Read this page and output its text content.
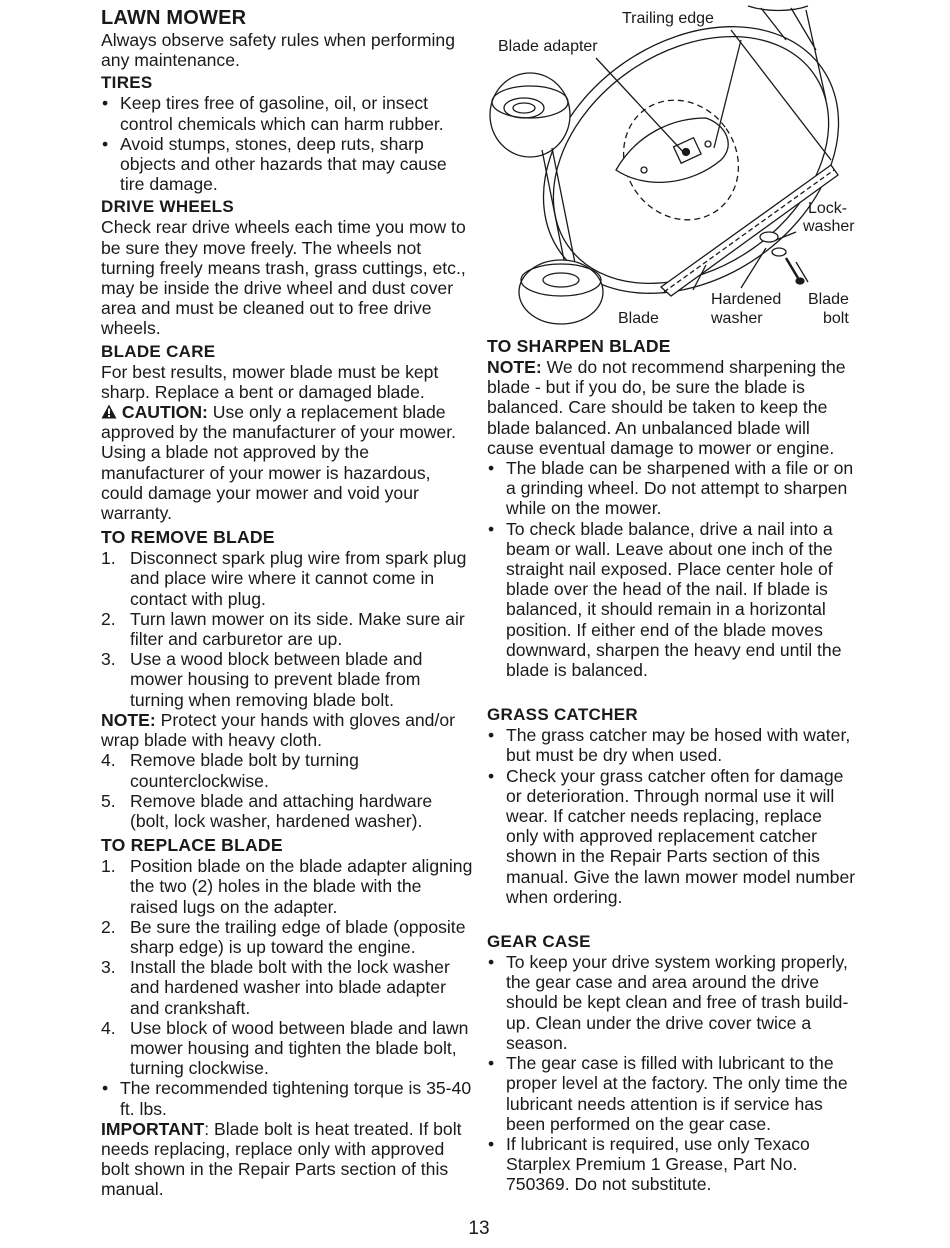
LAWN MOWER

Always observe safety rules when performing any maintenance.

TIRES
• Keep tires free of gasoline, oil, or insect control chemicals which can harm rubber.
• Avoid stumps, stones, deep ruts, sharp objects and other hazards that may cause tire damage.
DRIVE WHEELS

Check rear drive wheels each time you mow to be sure they move freely. The wheels not turning freely means trash, grass cuttings, etc., may be inside the drive wheel and dust cover area and must be cleaned out to free drive wheels.

BLADE CARE

For best results, mower blade must be kept sharp. Replace a bent or damaged blade.

CAUTION: Use only a replacement blade approved by the manufacturer of your mower. Using a blade not approved by the manufacturer of your mower is hazardous, could damage your mower and void your warranty.

TO REMOVE BLADE
1. Disconnect spark plug wire from spark plug and place wire where it cannot come in contact with plug.
2. Turn lawn mower on its side. Make sure air filter and carburetor are up.
3. Use a wood block between blade and mower housing to prevent blade from turning when removing blade bolt.

NOTE: Protect your hands with gloves and/or wrap blade with heavy cloth.

4. Remove blade bolt by turning counterclockwise.
5. Remove blade and attaching hardware (bolt, lock washer, hardened washer).
TO REPLACE BLADE
1. Position blade on the blade adapter aligning the two (2) holes in the blade with the raised lugs on the adapter.
2. Be sure the trailing edge of blade (opposite sharp edge) is up toward the engine.
3. Install the blade bolt with the lock washer and hardened washer into blade adapter and crankshaft.
4. Use block of wood between blade and lawn mower housing and tighten the blade bolt, turning clockwise.
• The recommended tightening torque is 35-40 ft. lbs.

IMPORTANT: Blade bolt is heat treated. If bolt needs replacing, replace only with approved bolt shown in the Repair Parts section of this manual.

Trailing edge
Blade adapter
Lock-
washer
Hardened
washer
Blade
bolt
Blade
TO SHARPEN BLADE

NOTE: We do not recommend sharpening the blade - but if you do, be sure the blade is balanced. Care should be taken to keep the blade balanced. An unbalanced blade will cause eventual damage to mower or engine.

• The blade can be sharpened with a file or on a grinding wheel. Do not attempt to sharpen while on the mower.
• To check blade balance, drive a nail into a beam or wall. Leave about one inch of the straight nail exposed. Place center hole of blade over the head of the nail. If blade is balanced, it should remain in a horizontal position. If either end of the blade moves downward, sharpen the heavy end until the blade is balanced.
GRASS CATCHER
• The grass catcher may be hosed with water, but must be dry when used.
• Check your grass catcher often for damage or deterioration. Through normal use it will wear. If catcher needs replacing, replace only with approved replacement catcher shown in the Repair Parts section of this manual. Give the lawn mower model number when ordering.
GEAR CASE
• To keep your drive system working properly, the gear case and area around the drive should be kept clean and free of trash build-up. Clean under the drive cover twice a season.
• The gear case is filled with lubricant to the proper level at the factory. The only time the lubricant needs attention is if service has been performed on the gear case.
• If lubricant is required, use only Texaco Starplex Premium 1 Grease, Part No. 750369. Do not substitute.
13
